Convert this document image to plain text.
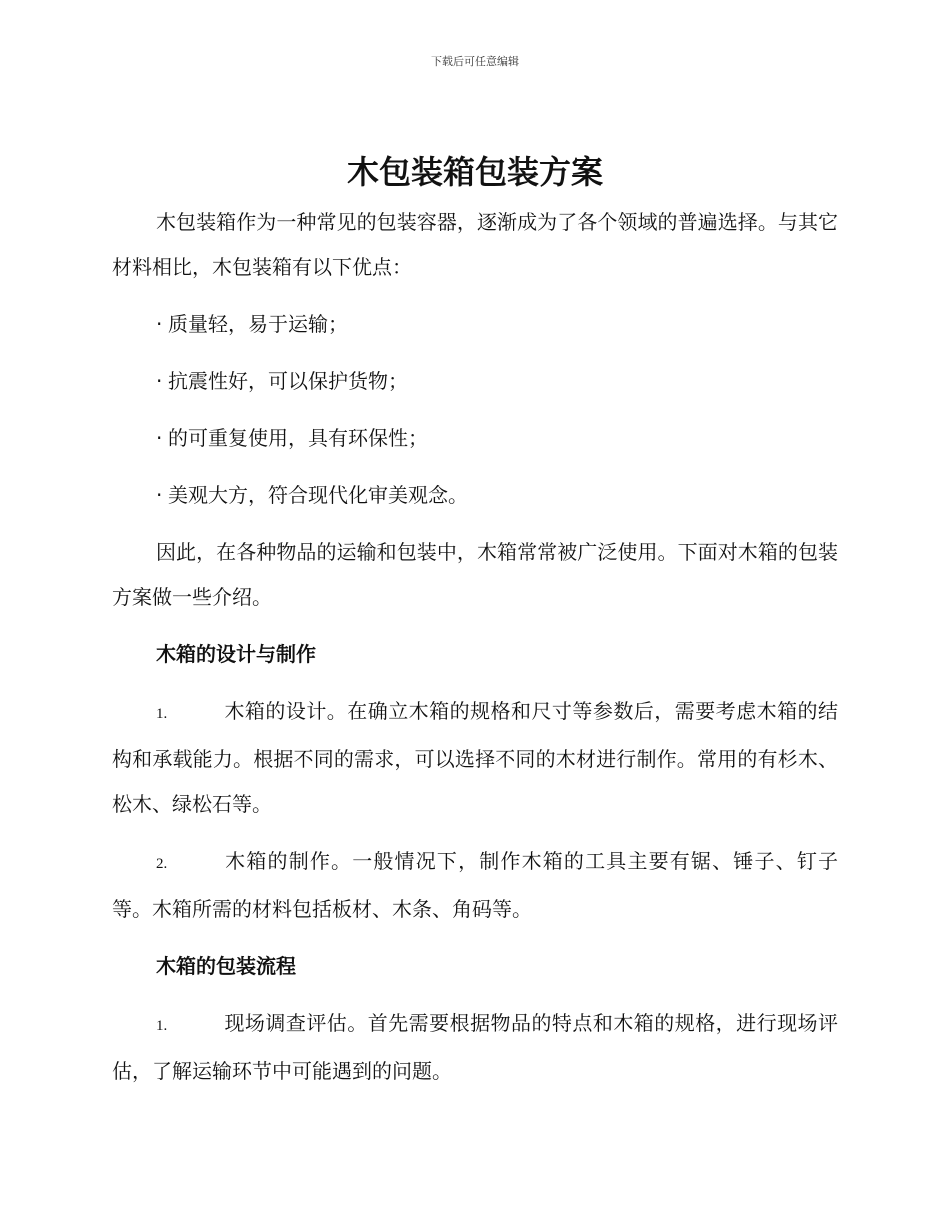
下载后可任意编辑
木包装箱包装方案

木包装箱作为一种常见的包装容器，逐渐成为了各个领域的普遍选择。与其它材料相比，木包装箱有以下优点：

· 质量轻，易于运输；
· 抗震性好，可以保护货物；
· 的可重复使用，具有环保性；
· 美观大方，符合现代化审美观念。

因此，在各种物品的运输和包装中，木箱常常被广泛使用。下面对木箱的包装方案做一些介绍。

木箱的设计与制作

1.	木箱的设计。在确立木箱的规格和尺寸等参数后，需要考虑木箱的结构和承载能力。根据不同的需求，可以选择不同的木材进行制作。常用的有杉木、松木、绿松石等。

2.	木箱的制作。一般情况下，制作木箱的工具主要有锯、锤子、钉子等。木箱所需的材料包括板材、木条、角码等。

木箱的包装流程

1.	现场调查评估。首先需要根据物品的特点和木箱的规格，进行现场评估，了解运输环节中可能遇到的问题。
